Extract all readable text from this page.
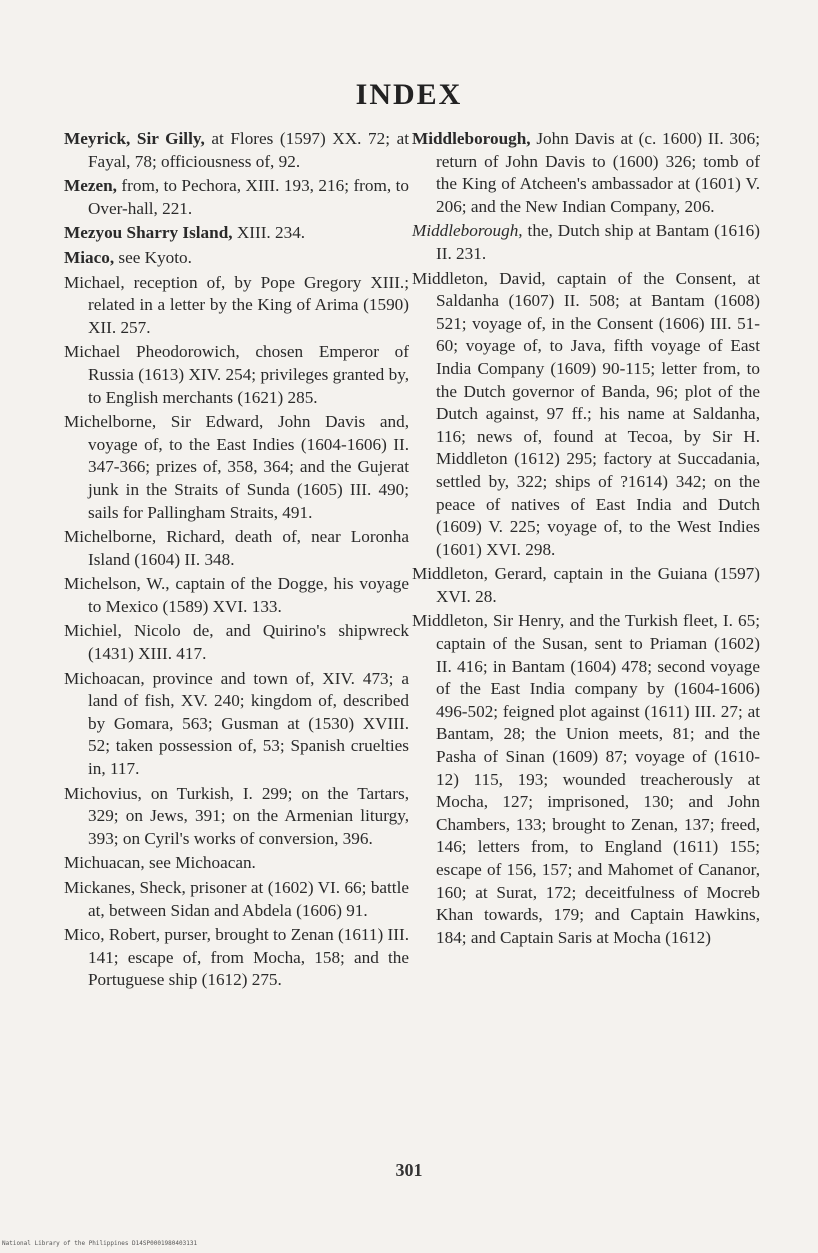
INDEX

Meyrick, Sir Gilly, at Flores (1597) XX. 72; at Fayal, 78; officiousness of, 92.

Mezen, from, to Pechora, XIII. 193, 216; from, to Over-hall, 221.

Mezyou Sharry Island, XIII. 234.

Miaco, see Kyoto.

Michael, reception of, by Pope Gregory XIII.; related in a letter by the King of Arima (1590) XII. 257.

Michael Pheodorowich, chosen Emperor of Russia (1613) XIV. 254; privileges granted by, to English merchants (1621) 285.

Michelborne, Sir Edward, John Davis and, voyage of, to the East Indies (1604-1606) II. 347-366; prizes of, 358, 364; and the Gujerat junk in the Straits of Sunda (1605) III. 490; sails for Pallingham Straits, 491.

Michelborne, Richard, death of, near Loronha Island (1604) II. 348.

Michelson, W., captain of the Dogge, his voyage to Mexico (1589) XVI. 133.

Michiel, Nicolo de, and Quirino's shipwreck (1431) XIII. 417.

Michoacan, province and town of, XIV. 473; a land of fish, XV. 240; kingdom of, described by Gomara, 563; Gusman at (1530) XVIII. 52; taken possession of, 53; Spanish cruelties in, 117.

Michovius, on Turkish, I. 299; on the Tartars, 329; on Jews, 391; on the Armenian liturgy, 393; on Cyril's works of conversion, 396.

Michuacan, see Michoacan.

Mickanes, Sheck, prisoner at (1602) VI. 66; battle at, between Sidan and Abdela (1606) 91.

Mico, Robert, purser, brought to Zenan (1611) III. 141; escape of, from Mocha, 158; and the Portuguese ship (1612) 275.

Middleborough, John Davis at (c. 1600) II. 306; return of John Davis to (1600) 326; tomb of the King of Atcheen's ambassador at (1601) V. 206; and the New Indian Company, 206.

Middleborough, the, Dutch ship at Bantam (1616) II. 231.

Middleton, David, captain of the Consent, at Saldanha (1607) II. 508; at Bantam (1608) 521; voyage of, in the Consent (1606) III. 51-60; voyage of, to Java, fifth voyage of East India Company (1609) 90-115; letter from, to the Dutch governor of Banda, 96; plot of the Dutch against, 97 ff.; his name at Saldanha, 116; news of, found at Tecoa, by Sir H. Middleton (1612) 295; factory at Succadania, settled by, 322; ships of ?1614) 342; on the peace of natives of East India and Dutch (1609) V. 225; voyage of, to the West Indies (1601) XVI. 298.

Middleton, Gerard, captain in the Guiana (1597) XVI. 28.

Middleton, Sir Henry, and the Turkish fleet, I. 65; captain of the Susan, sent to Priaman (1602) II. 416; in Bantam (1604) 478; second voyage of the East India company by (1604-1606) 496-502; feigned plot against (1611) III. 27; at Bantam, 28; the Union meets, 81; and the Pasha of Sinan (1609) 87; voyage of (1610-12) 115, 193; wounded treacherously at Mocha, 127; imprisoned, 130; and John Chambers, 133; brought to Zenan, 137; freed, 146; letters from, to England (1611) 155; escape of 156, 157; and Mahomet of Cananor, 160; at Surat, 172; deceitfulness of Mocreb Khan towards, 179; and Captain Hawkins, 184; and Captain Saris at Mocha (1612)

301
National Library of the Philippines D14SP0001980403131
